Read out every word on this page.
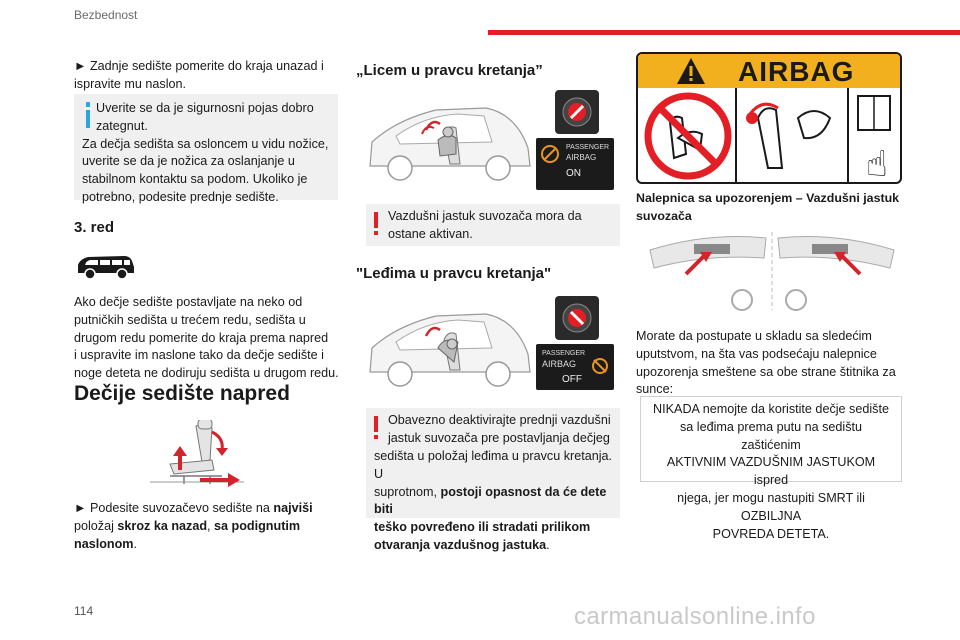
Bezbednost
► Zadnje sedište pomerite do kraja unazad i
ispravite mu naslon.
Uverite se da je sigurnosni pojas dobro
zategnut.
Za dečja sedišta sa osloncem u vidu nožice,
uverite se da je nožica za oslanjanje u
stabilnom kontaktu sa podom. Ukoliko je
potrebno, podesite prednje sedište.
3. red
Ako dečje sedište postavljate na neko od
putničkih sedišta u trećem redu, sedišta u
drugom redu pomerite do kraja prema napred
i uspravite im naslone tako da dečje sedište i
noge deteta ne dodiruju sedišta u drugom redu.
Dečije sedište napred
► Podesite suvozačevo sedište na najviši
položaj skroz ka nazad, sa podignutim
naslonom.
„Licem u pravcu kretanja”
PASSENGER
AIRBAG
ON
Vazdušni jastuk suvozača mora da
ostane aktivan.
"Leđima u pravcu kretanja"
PASSENGER
AIRBAG
OFF
Obavezno deaktivirajte prednji vazdušni
jastuk suvozača pre postavljanja dečjeg
sedišta u položaj leđima u pravcu kretanja. U
suprotnom, postoji opasnost da će dete biti
teško povređeno ili stradati prilikom
otvaranja vazdušnog jastuka.
AIRBAG
☝
Nalepnica sa upozorenjem – Vazdušni jastuk
suvozača
Morate da postupate u skladu sa sledećim
uputstvom, na šta vas podsećaju nalepnice
upozorenja smeštene sa obe strane štitnika za
sunce:
NIKADA nemojte da koristite dečje sedište
sa leđima prema putu na sedištu zaštićenim
AKTIVNIM VAZDUŠNIM JASTUKOM ispred
njega, jer mogu nastupiti SMRT ili OZBILJNA
POVREDA DETETA.
114	carmanualsonline.info
